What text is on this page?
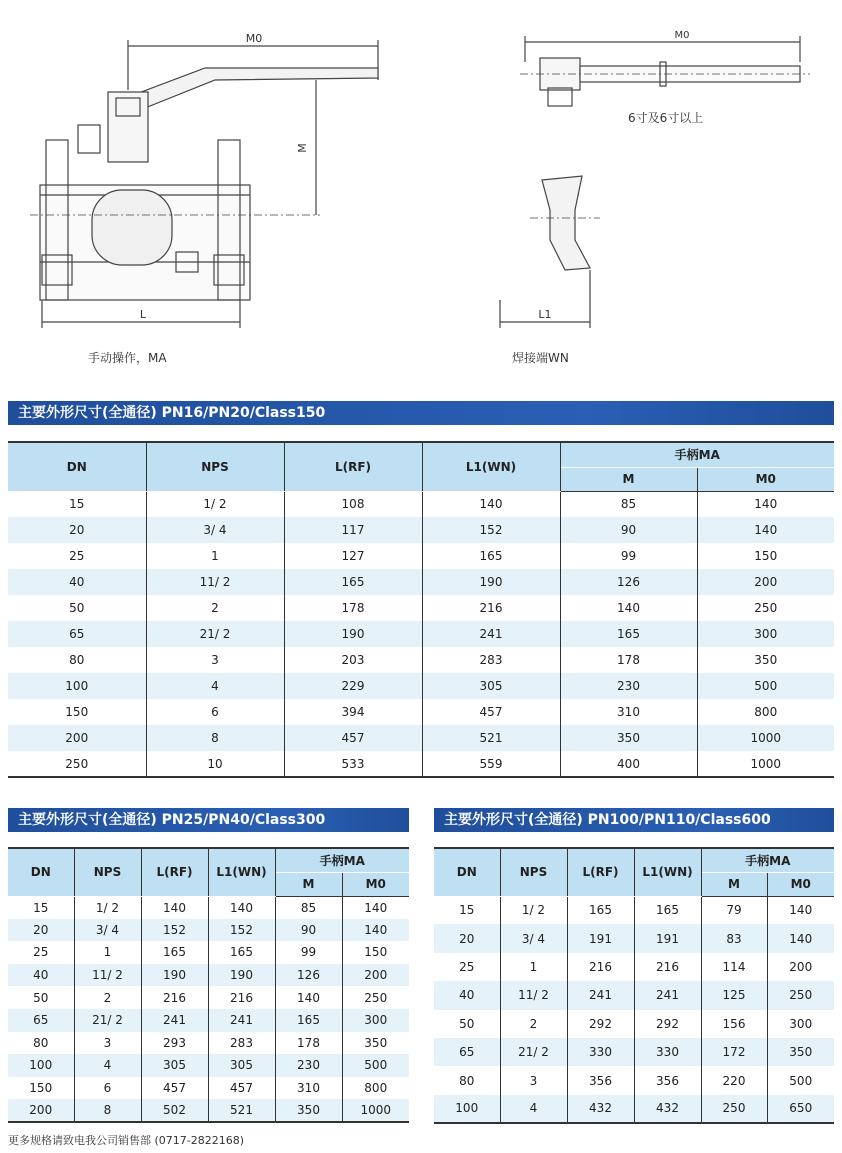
M0
M
L
M0
L1
6寸及6寸以上
手动操作，MA	焊接端WN
主要外形尺寸(全通径) PN16/PN20/Class150
DN	NPS	L(RF)	L1(WN)	手柄MA	
				M	M0
15	1/ 2	108	140	85	140
20	3/ 4	117	152	90	140
25	1	127	165	99	150
40	11/ 2	165	190	126	200
50	2	178	216	140	250
65	21/ 2	190	241	165	300
80	3	203	283	178	350
100	4	229	305	230	500
150	6	394	457	310	800
200	8	457	521	350	1000
250	10	533	559	400	1000
主要外形尺寸(全通径) PN25/PN40/Class300
DN	NPS	L(RF)	L1(WN)	手柄MA	
				M	M0
15	1/ 2	140	140	85	140
20	3/ 4	152	152	90	140
25	1	165	165	99	150
40	11/ 2	190	190	126	200
50	2	216	216	140	250
65	21/ 2	241	241	165	300
80	3	293	283	178	350
100	4	305	305	230	500
150	6	457	457	310	800
200	8	502	521	350	1000
主要外形尺寸(全通径) PN100/PN110/Class600
DN	NPS	L(RF)	L1(WN)	手柄MA	
				M	M0
15	1/ 2	165	165	79	140
20	3/ 4	191	191	83	140
25	1	216	216	114	200
40	11/ 2	241	241	125	250
50	2	292	292	156	300
65	21/ 2	330	330	172	350
80	3	356	356	220	500
100	4	432	432	250	650
更多规格请致电我公司销售部 (0717-2822168)
